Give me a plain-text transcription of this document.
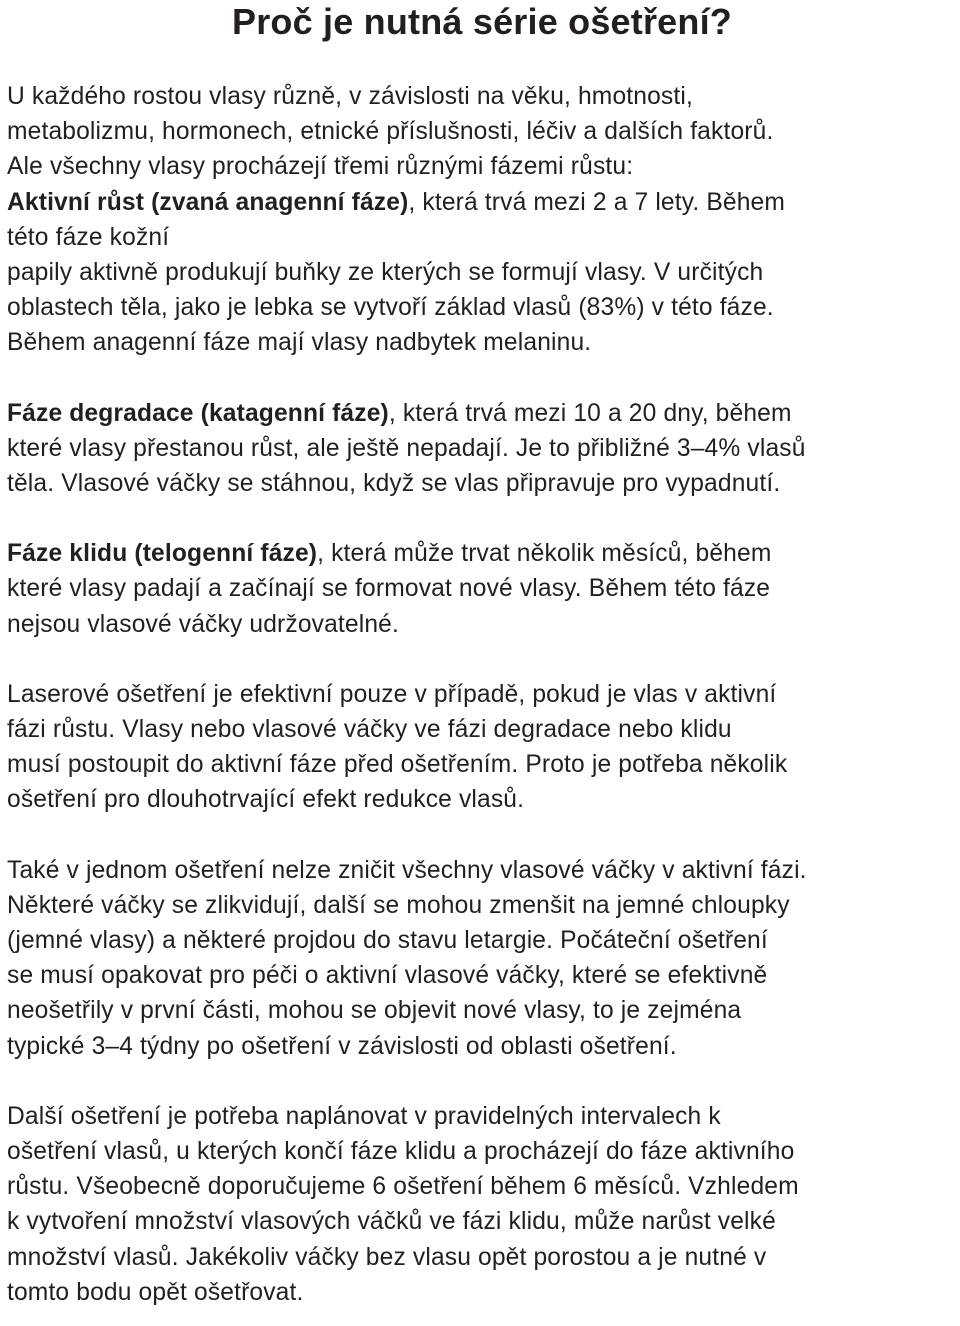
Proč je nutná série ošetření?

U každého rostou vlasy různě, v závislosti na věku, hmotnosti,
metabolizmu, hormonech, etnické příslušnosti, léčiv a dalších faktorů.
Ale všechny vlasy procházejí třemi různými fázemi růstu:
Aktivní růst (zvaná anagenní fáze), která trvá mezi 2 a 7 lety. Během
této fáze kožní
papily aktivně produkují buňky ze kterých se formují vlasy. V určitých
oblastech těla, jako je lebka se vytvoří základ vlasů (83%) v této fáze.
Během anagenní fáze mají vlasy nadbytek melaninu.

Fáze degradace (katagenní fáze), která trvá mezi 10 a 20 dny, během
které vlasy přestanou růst, ale ještě nepadají. Je to přibližné 3–4% vlasů
těla. Vlasové váčky se stáhnou, když se vlas připravuje pro vypadnutí.

Fáze klidu (telogenní fáze), která může trvat několik měsíců, během
které vlasy padají a začínají se formovat nové vlasy. Během této fáze
nejsou vlasové váčky udržovatelné.

Laserové ošetření je efektivní pouze v případě, pokud je vlas v aktivní
fázi růstu. Vlasy nebo vlasové váčky ve fázi degradace nebo klidu
musí postoupit do aktivní fáze před ošetřením. Proto je potřeba několik
ošetření pro dlouhotrvající efekt redukce vlasů.

Také v jednom ošetření nelze zničit všechny vlasové váčky v aktivní fázi.
Některé váčky se zlikvidují, další se mohou zmenšit na jemné chloupky
(jemné vlasy) a některé projdou do stavu letargie. Počáteční ošetření
se musí opakovat pro péči o aktivní vlasové váčky, které se efektivně
neošetřily v první části, mohou se objevit nové vlasy, to je zejména
typické 3–4 týdny po ošetření v závislosti od oblasti ošetření.

Další ošetření je potřeba naplánovat v pravidelných intervalech k
ošetření vlasů, u kterých končí fáze klidu a procházejí do fáze aktivního
růstu. Všeobecně doporučujeme 6 ošetření během 6 měsíců. Vzhledem
k vytvoření množství vlasových váčků ve fázi klidu, může narůst velké
množství vlasů. Jakékoliv váčky bez vlasu opět porostou a je nutné v
tomto bodu opět ošetřovat.
